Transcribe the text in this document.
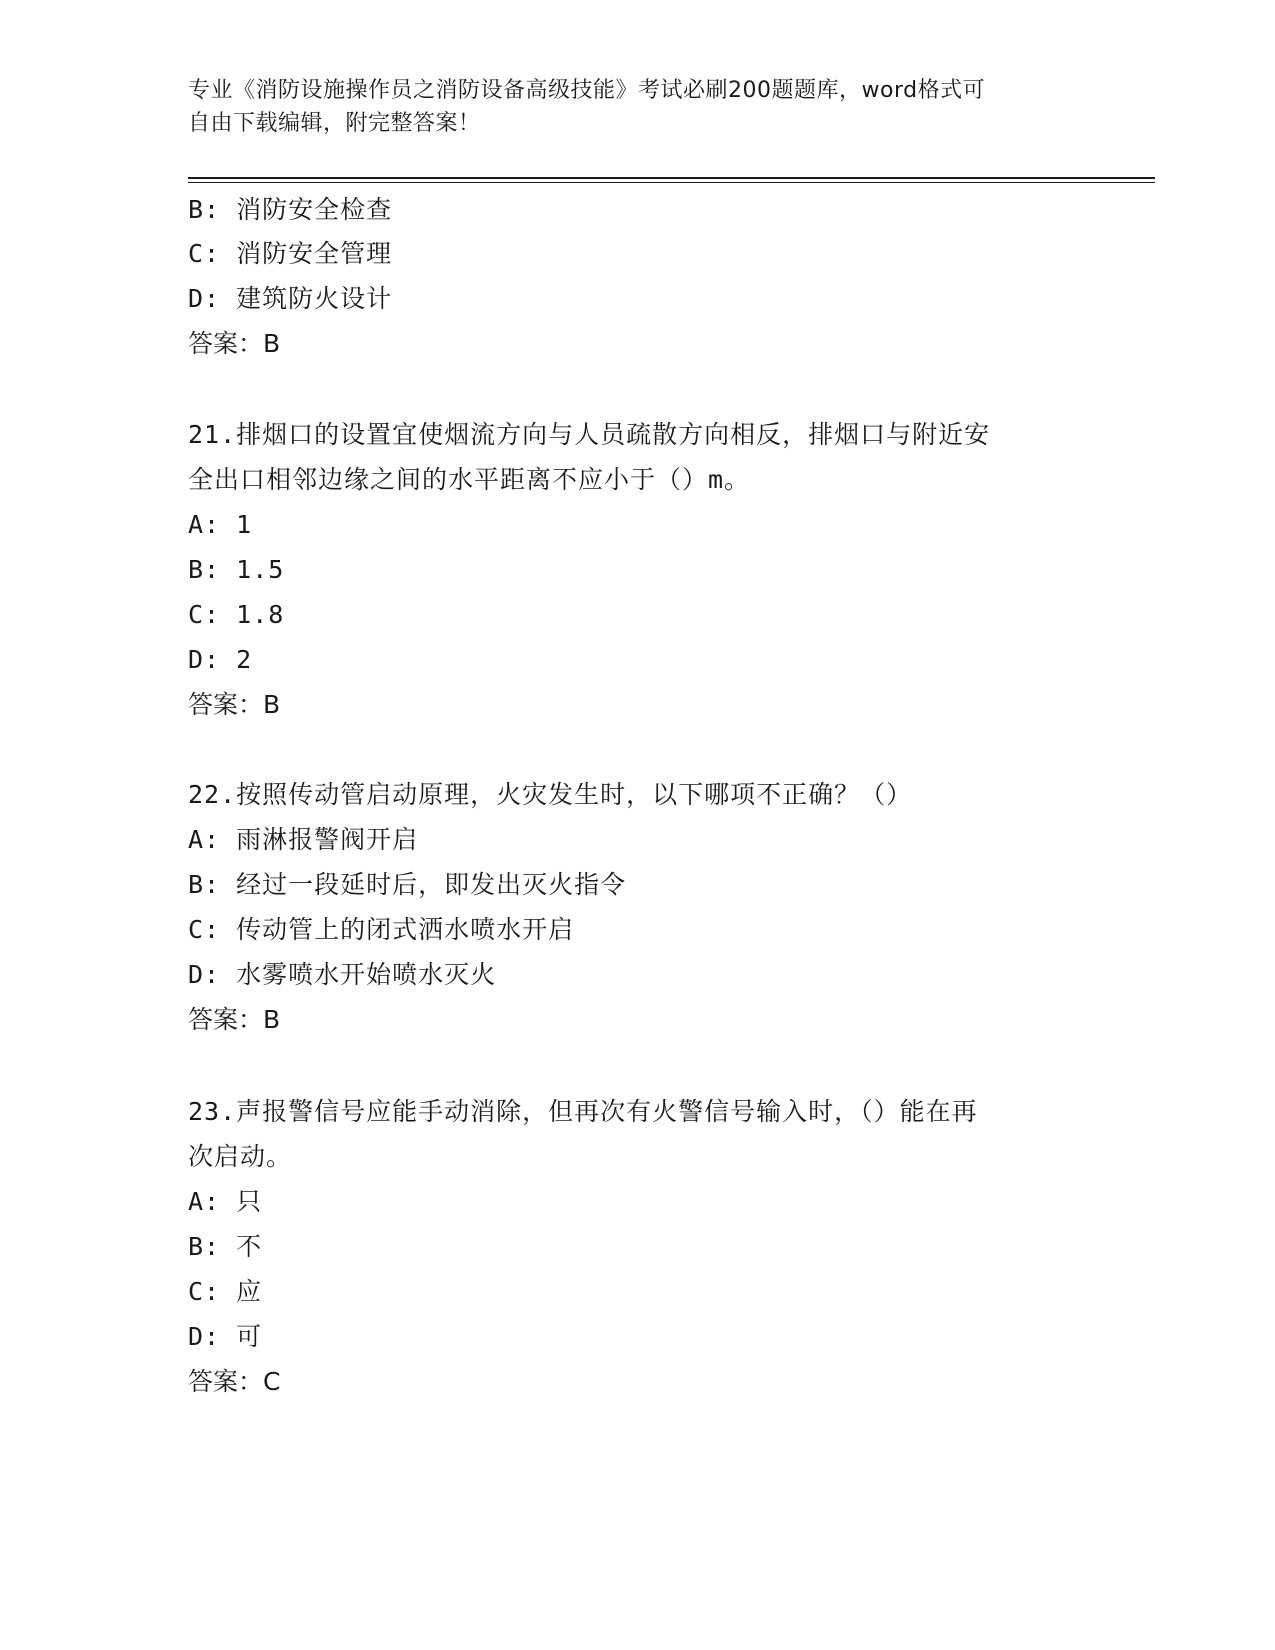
专业《消防设施操作员之消防设备高级技能》考试必刷200题题库，word格式可
自由下载编辑，附完整答案！
B: 消防安全检查
C: 消防安全管理
D: 建筑防火设计
答案：B
21.排烟口的设置宜使烟流方向与人员疏散方向相反，排烟口与附近安
全出口相邻边缘之间的水平距离不应小于（）m。
A: 1
B: 1.5
C: 1.8
D: 2
答案：B
22.按照传动管启动原理，火灾发生时，以下哪项不正确？（）
A: 雨淋报警阀开启
B: 经过一段延时后，即发出灭火指令
C: 传动管上的闭式洒水喷水开启
D: 水雾喷水开始喷水灭火
答案：B
23.声报警信号应能手动消除，但再次有火警信号输入时，（）能在再
次启动。
A: 只
B: 不
C: 应
D: 可
答案：C
